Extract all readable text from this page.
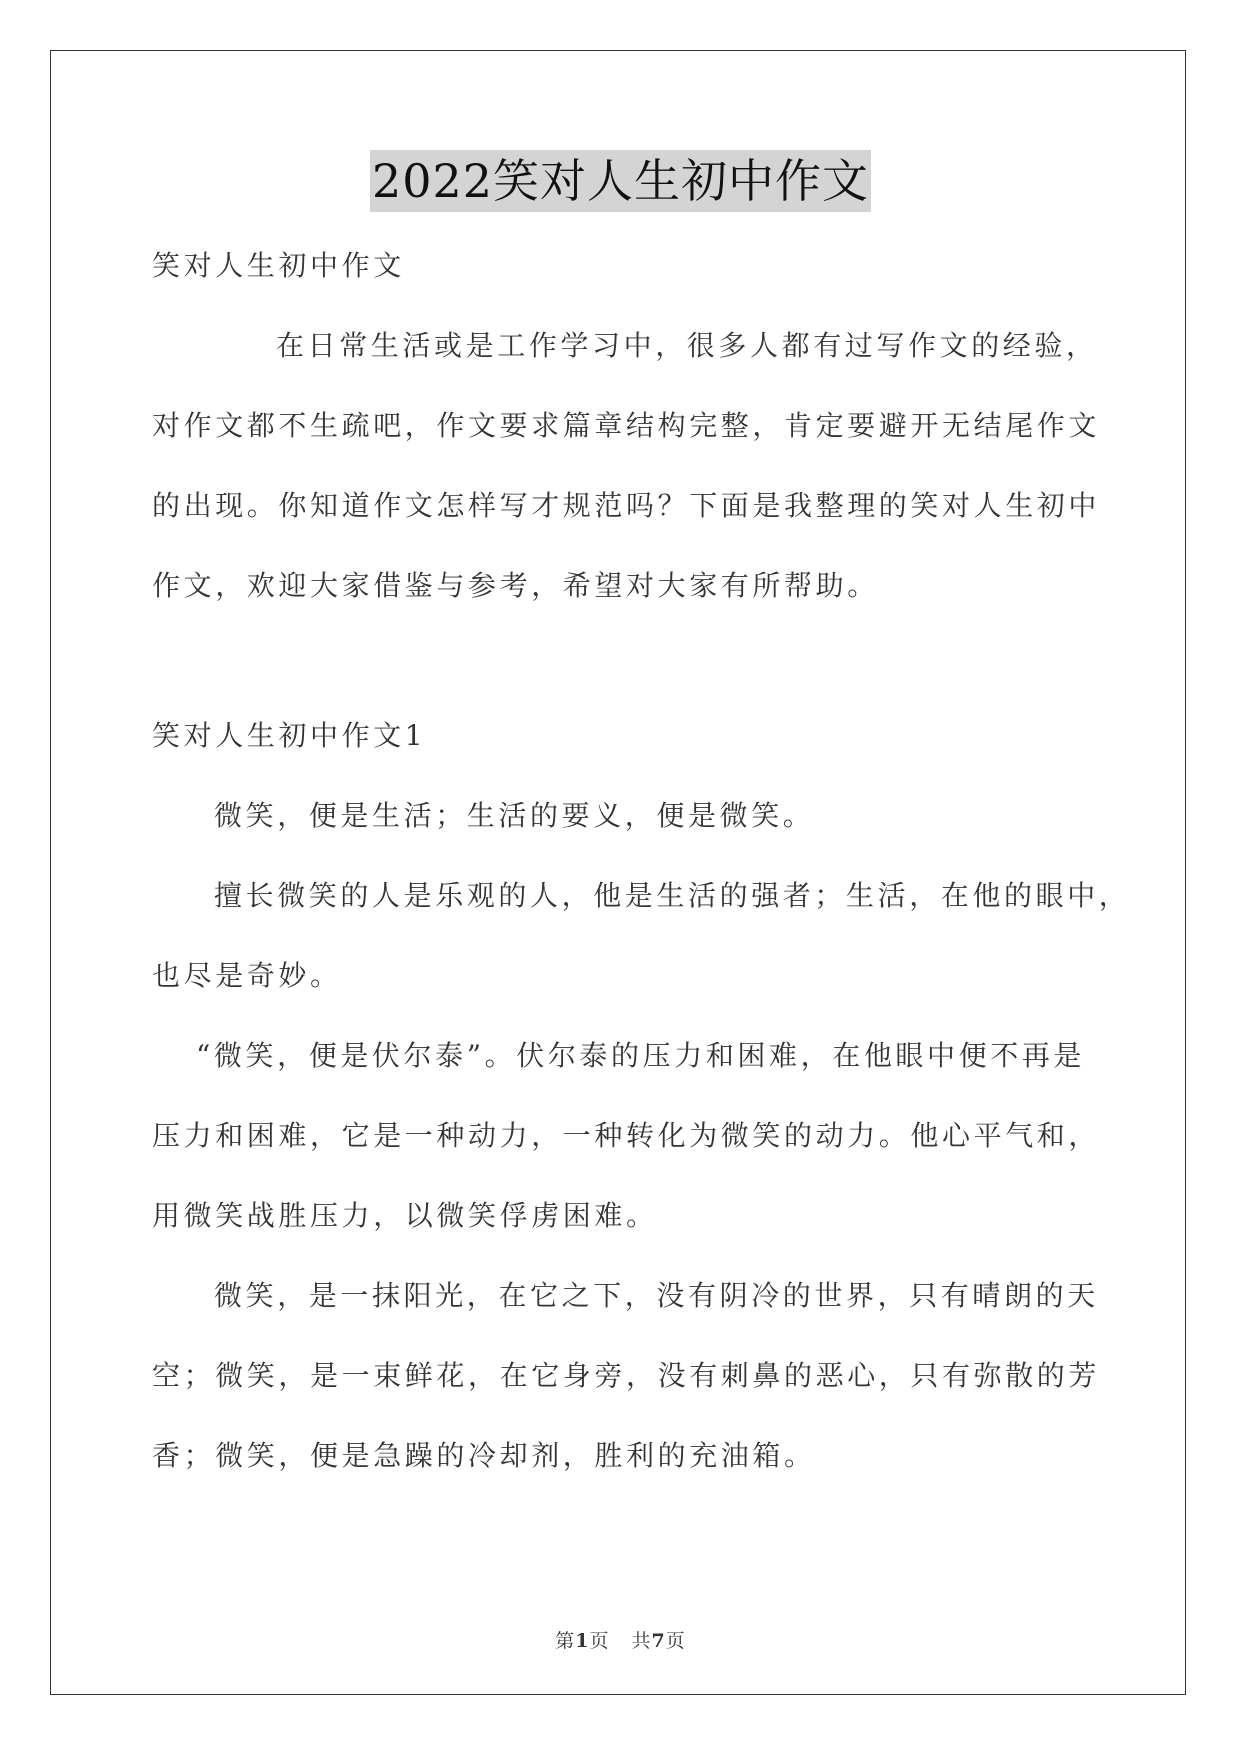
2022笑对人生初中作文
笑对人生初中作文
在日常生活或是工作学习中，很多人都有过写作文的经验，
对作文都不生疏吧，作文要求篇章结构完整，肯定要避开无结尾作文
的出现。你知道作文怎样写才规范吗？下面是我整理的笑对人生初中
作文，欢迎大家借鉴与参考，希望对大家有所帮助。
笑对人生初中作文1
微笑，便是生活；生活的要义，便是微笑。
擅长微笑的人是乐观的人，他是生活的强者；生活，在他的眼中，
也尽是奇妙。
“微笑，便是伏尔泰”。伏尔泰的压力和困难，在他眼中便不再是
压力和困难，它是一种动力，一种转化为微笑的动力。他心平气和，
用微笑战胜压力，以微笑俘虏困难。
微笑，是一抹阳光，在它之下，没有阴冷的世界，只有晴朗的天
空；微笑，是一束鲜花，在它身旁，没有刺鼻的恶心，只有弥散的芳
香；微笑，便是急躁的冷却剂，胜利的充油箱。
第1页 共7页
